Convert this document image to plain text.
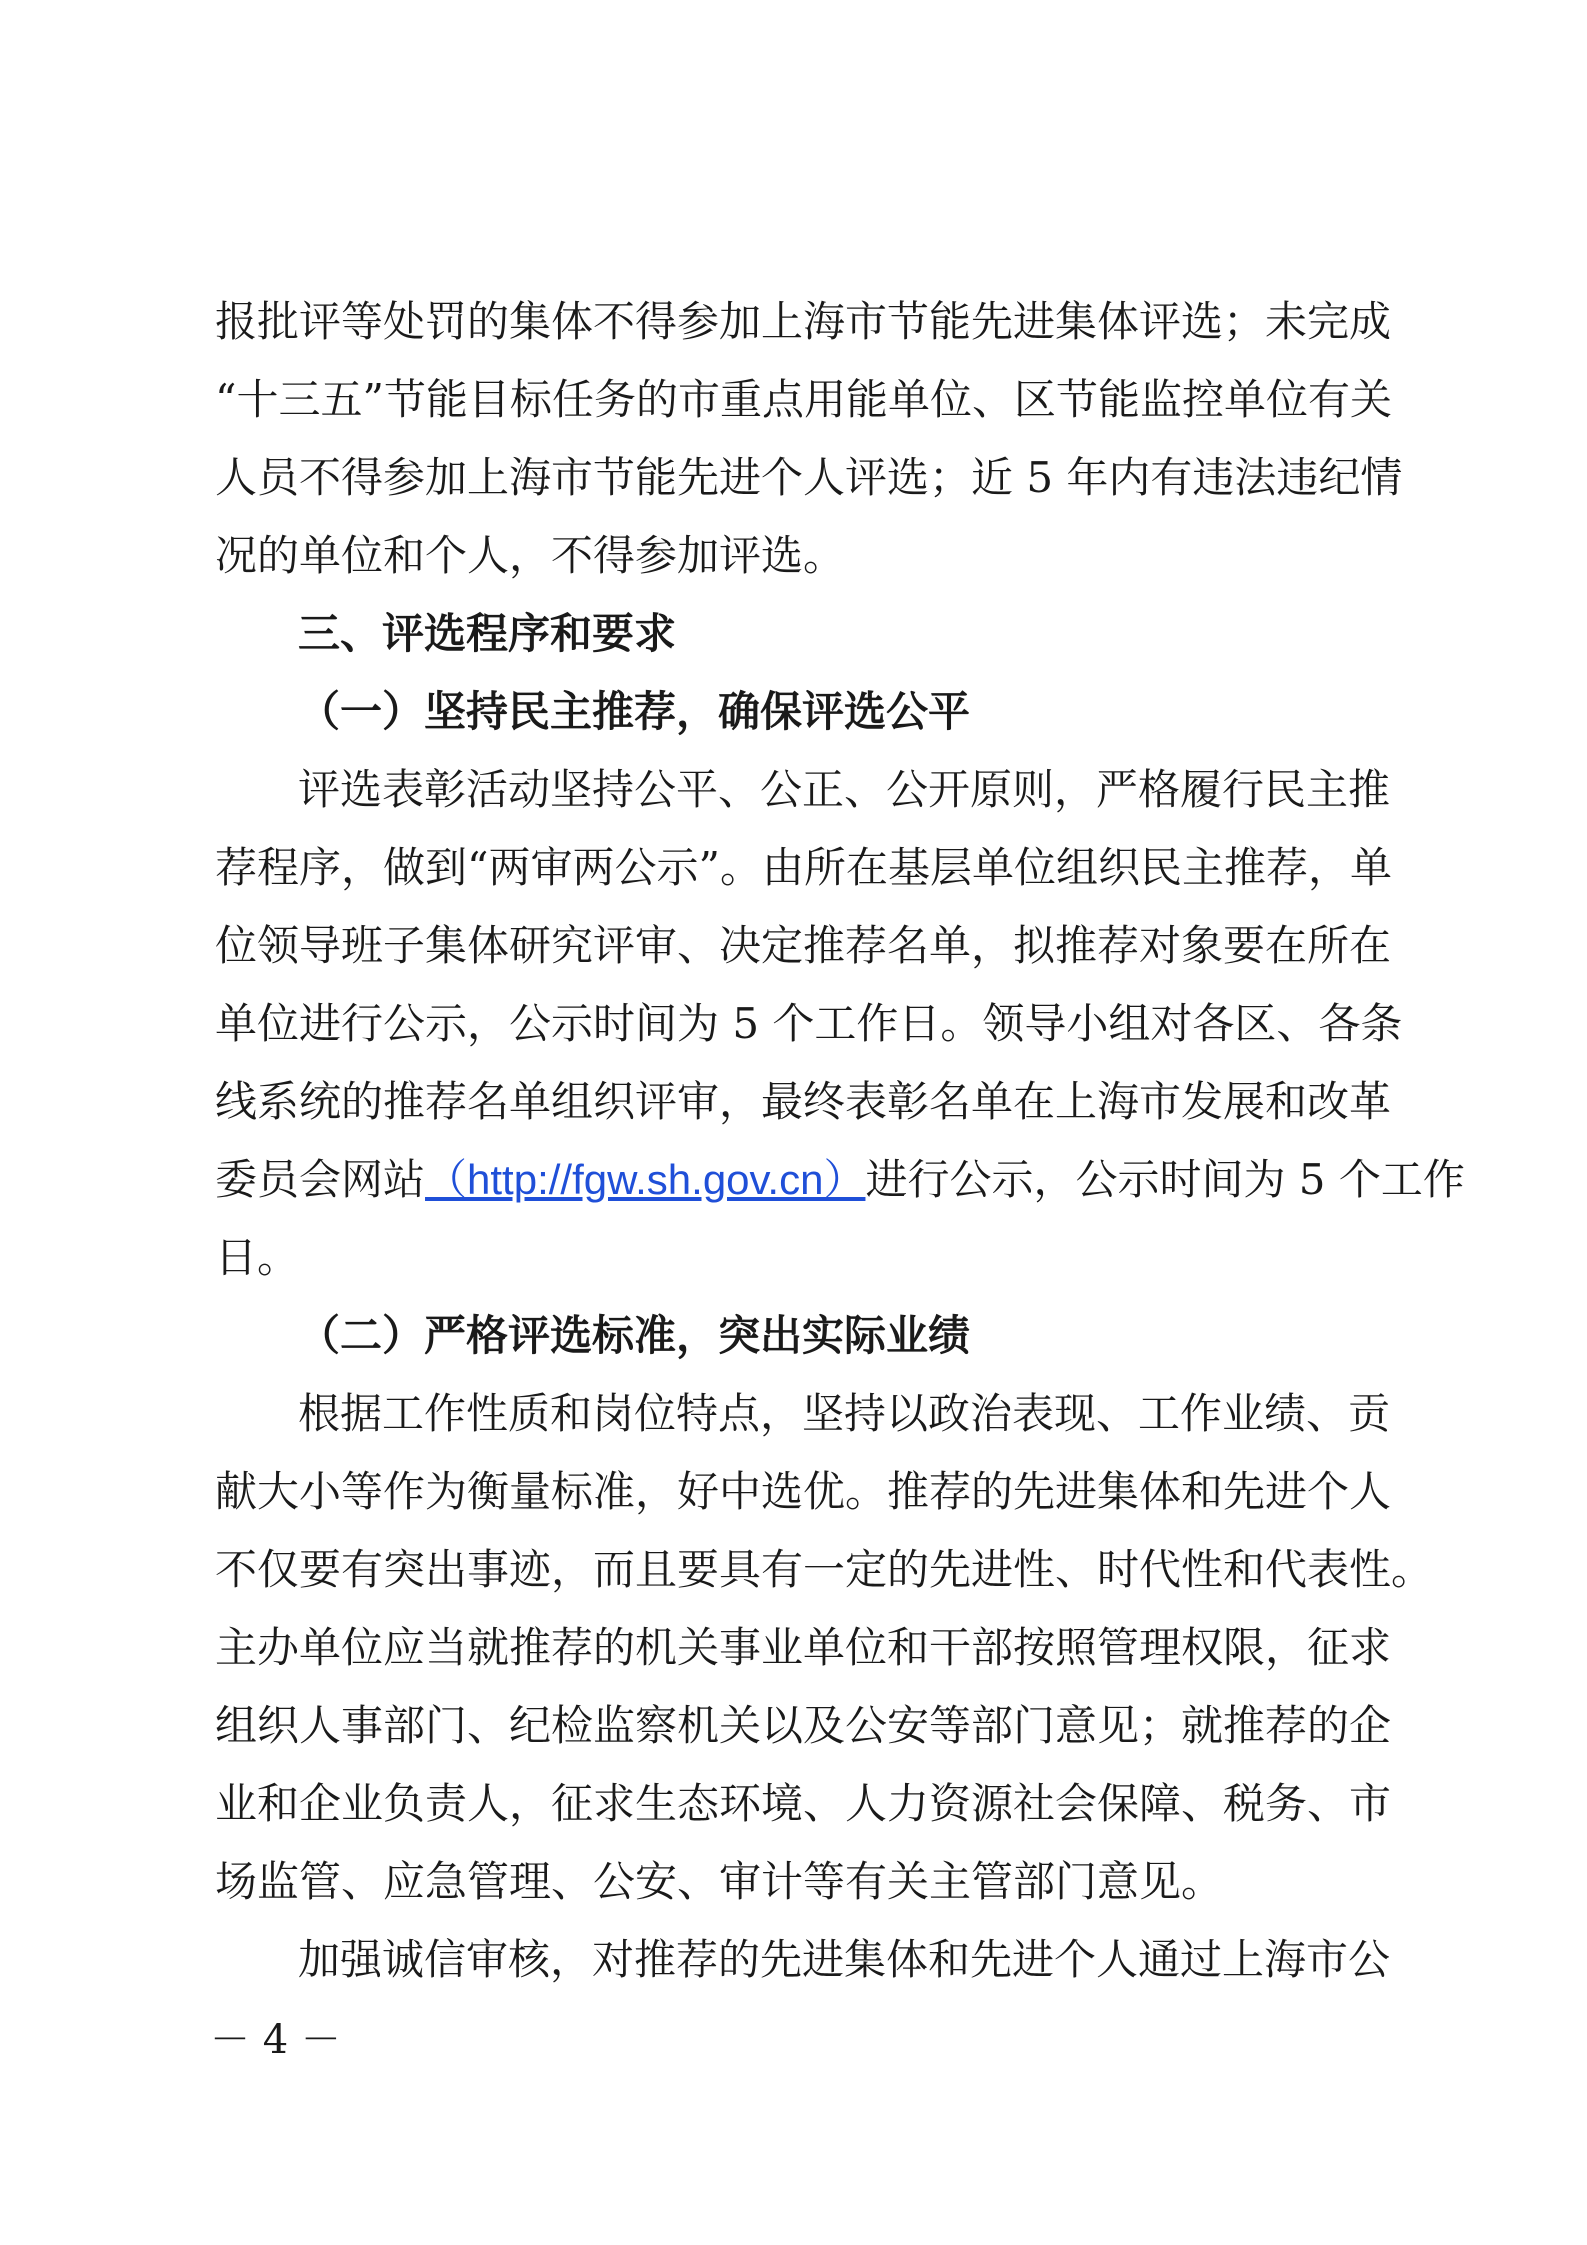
报批评等处罚的集体不得参加上海市节能先进集体评选；未完成
“十三五”节能目标任务的市重点用能单位、区节能监控单位有关
人员不得参加上海市节能先进个人评选；近 5 年内有违法违纪情
况的单位和个人，不得参加评选。
三、评选程序和要求
（一）坚持民主推荐，确保评选公平
评选表彰活动坚持公平、公正、公开原则，严格履行民主推
荐程序，做到“两审两公示”。由所在基层单位组织民主推荐，单
位领导班子集体研究评审、决定推荐名单，拟推荐对象要在所在
单位进行公示，公示时间为 5 个工作日。领导小组对各区、各条
线系统的推荐名单组织评审，最终表彰名单在上海市发展和改革
委员会网站（http://fgw.sh.gov.cn）进行公示，公示时间为 5 个工作
日。
（二）严格评选标准，突出实际业绩
根据工作性质和岗位特点，坚持以政治表现、工作业绩、贡
献大小等作为衡量标准，好中选优。推荐的先进集体和先进个人
不仅要有突出事迹，而且要具有一定的先进性、时代性和代表性。
主办单位应当就推荐的机关事业单位和干部按照管理权限，征求
组织人事部门、纪检监察机关以及公安等部门意见；就推荐的企
业和企业负责人，征求生态环境、人力资源社会保障、税务、市
场监管、应急管理、公安、审计等有关主管部门意见。
加强诚信审核，对推荐的先进集体和先进个人通过上海市公
－ 4 －
